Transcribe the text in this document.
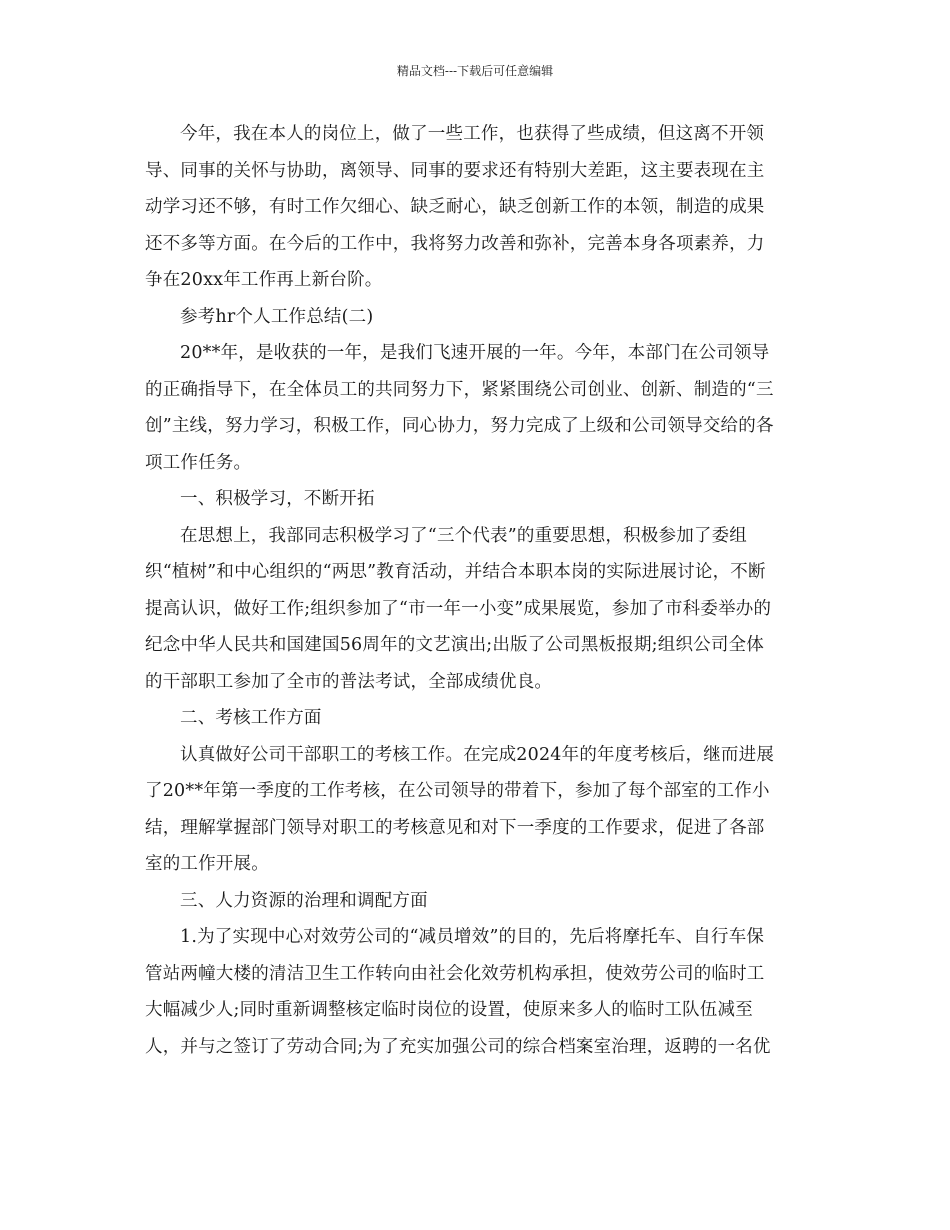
精品文档---下载后可任意编辑
今年，我在本人的岗位上，做了一些工作，也获得了些成绩，但这离不开领
导、同事的关怀与协助，离领导、同事的要求还有特别大差距，这主要表现在主
动学习还不够，有时工作欠细心、缺乏耐心，缺乏创新工作的本领，制造的成果
还不多等方面。在今后的工作中，我将努力改善和弥补，完善本身各项素养，力
争在20xx年工作再上新台阶。
参考hr个人工作总结(二)
20**年，是收获的一年，是我们飞速开展的一年。今年，本部门在公司领导
的正确指导下，在全体员工的共同努力下，紧紧围绕公司创业、创新、制造的“三
创”主线，努力学习，积极工作，同心协力，努力完成了上级和公司领导交给的各
项工作任务。
一、积极学习，不断开拓
在思想上，我部同志积极学习了“三个代表”的重要思想，积极参加了委组
织“植树”和中心组织的“两思”教育活动，并结合本职本岗的实际进展讨论，不断
提高认识，做好工作;组织参加了“市一年一小变”成果展览，参加了市科委举办的
纪念中华人民共和国建国56周年的文艺演出;出版了公司黑板报期;组织公司全体
的干部职工参加了全市的普法考试，全部成绩优良。
二、考核工作方面
认真做好公司干部职工的考核工作。在完成2024年的年度考核后，继而进展
了20**年第一季度的工作考核，在公司领导的带着下，参加了每个部室的工作小
结，理解掌握部门领导对职工的考核意见和对下一季度的工作要求，促进了各部
室的工作开展。
三、人力资源的治理和调配方面
1.为了实现中心对效劳公司的“减员增效”的目的，先后将摩托车、自行车保
管站两幢大楼的清洁卫生工作转向由社会化效劳机构承担，使效劳公司的临时工
大幅减少人;同时重新调整核定临时岗位的设置，使原来多人的临时工队伍减至
人，并与之签订了劳动合同;为了充实加强公司的综合档案室治理，返聘的一名优
